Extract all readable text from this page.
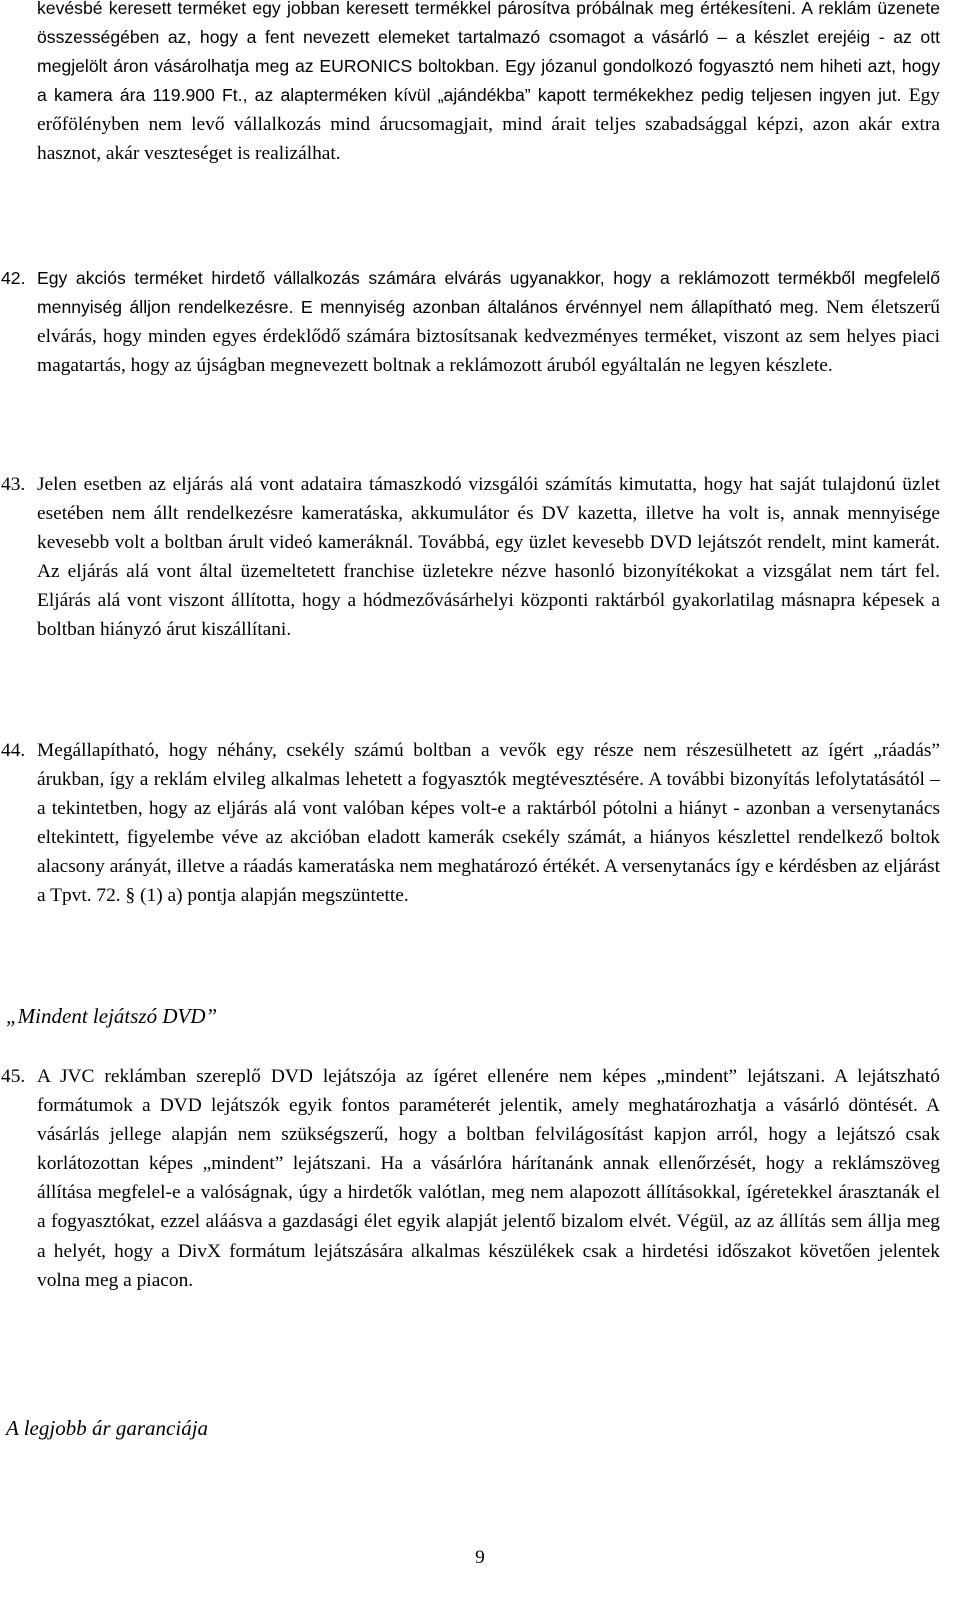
kevésbé keresett terméket egy jobban keresett termékkel párosítva próbálnak meg értékesíteni. A reklám üzenete összességében az, hogy a fent nevezett elemeket tartalmazó csomagot a vásárló – a készlet erejéig - az ott megjelölt áron vásárolhatja meg az EURONICS boltokban. Egy józanul gondolkozó fogyasztó nem hiheti azt, hogy a kamera ára 119.900 Ft., az alapterméken kívül „ajándékba” kapott termékekhez pedig teljesen ingyen jut. Egy erőfölényben nem levő vállalkozás mind árucsomagjait, mind árait teljes szabadsággal képzi, azon akár extra hasznot, akár veszteséget is realizálhat.

42. Egy akciós terméket hirdető vállalkozás számára elvárás ugyanakkor, hogy a reklámozott termékből megfelelő mennyiség álljon rendelkezésre. E mennyiség azonban általános érvénnyel nem állapítható meg. Nem életszerű elvárás, hogy minden egyes érdeklődő számára biztosítsanak kedvezményes terméket, viszont az sem helyes piaci magatartás, hogy az újságban megnevezett boltnak a reklámozott áruból egyáltalán ne legyen készlete.

43. Jelen esetben az eljárás alá vont adataira támaszkodó vizsgálói számítás kimutatta, hogy hat saját tulajdonú üzlet esetében nem állt rendelkezésre kameratáska, akkumulátor és DV kazetta, illetve ha volt is, annak mennyisége kevesebb volt a boltban árult videó kameráknál. Továbbá, egy üzlet kevesebb DVD lejátszót rendelt, mint kamerát. Az eljárás alá vont által üzemeltetett franchise üzletekre nézve hasonló bizonyítékokat a vizsgálat nem tárt fel. Eljárás alá vont viszont állította, hogy a hódmezővásárhelyi központi raktárból gyakorlatilag másnapra képesek a boltban hiányzó árut kiszállítani.

44. Megállapítható, hogy néhány, csekély számú boltban a vevők egy része nem részesülhetett az ígért „ráadás” árukban, így a reklám elvileg alkalmas lehetett a fogyasztók megtévesztésére. A további bizonyítás lefolytatásától – a tekintetben, hogy az eljárás alá vont valóban képes volt-e a raktárból pótolni a hiányt - azonban a versenytanács eltekintett, figyelembe véve az akcióban eladott kamerák csekély számát, a hiányos készlettel rendelkező boltok alacsony arányát, illetve a ráadás kameratáska nem meghatározó értékét. A versenytanács így e kérdésben az eljárást a Tpvt. 72. § (1) a) pontja alapján megszüntette.

„Mindent lejátszó DVD”

45. A JVC reklámban szereplő DVD lejátszója az ígéret ellenére nem képes „mindent” lejátszani. A lejátszható formátumok a DVD lejátszók egyik fontos paraméterét jelentik, amely meghatározhatja a vásárló döntését. A vásárlás jellege alapján nem szükségszerű, hogy a boltban felvilágosítást kapjon arról, hogy a lejátszó csak korlátozottan képes „mindent” lejátszani. Ha a vásárlóra hárítanánk annak ellenőrzését, hogy a reklámszöveg állítása megfelel-e a valóságnak, úgy a hirdetők valótlan, meg nem alapozott állításokkal, ígéretekkel árasztanák el a fogyasztókat, ezzel aláásva a gazdasági élet egyik alapját jelentő bizalom elvét. Végül, az az állítás sem állja meg a helyét, hogy a DivX formátum lejátszására alkalmas készülékek csak a hirdetési időszakot követően jelentek volna meg a piacon.

A legjobb ár garanciája

9
